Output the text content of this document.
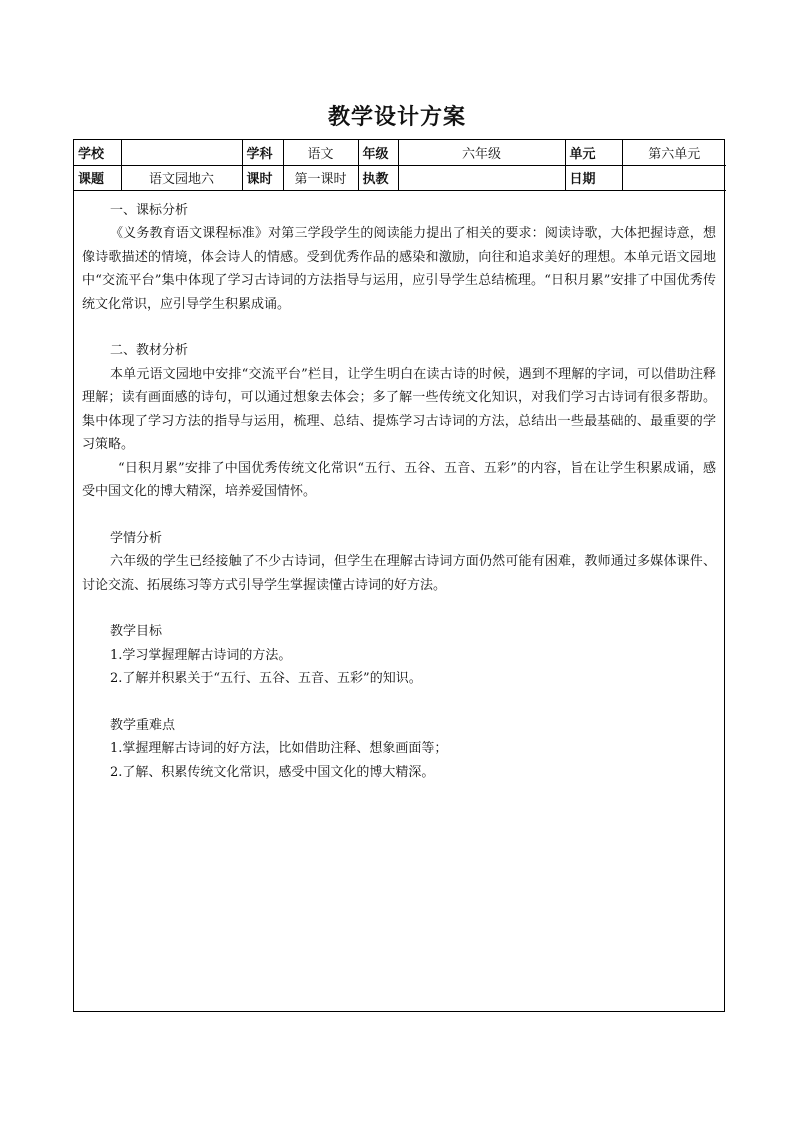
教学设计方案
学校		学科	语文	年级	六年级	单元	第六单元
课题	语文园地六	课时	第一课时	执教		日期	
一、课标分析

《义务教育语文课程标准》对第三学段学生的阅读能力提出了相关的要求：阅读诗歌，大体把握诗意，想像诗歌描述的情境，体会诗人的情感。受到优秀作品的感染和激励，向往和追求美好的理想。本单元语文园地中“交流平台”集中体现了学习古诗词的方法指导与运用，应引导学生总结梳理。“日积月累”安排了中国优秀传统文化常识，应引导学生积累成诵。

二、教材分析

本单元语文园地中安排“交流平台”栏目，让学生明白在读古诗的时候，遇到不理解的字词，可以借助注释理解；读有画面感的诗句，可以通过想象去体会；多了解一些传统文化知识，对我们学习古诗词有很多帮助。集中体现了学习方法的指导与运用，梳理、总结、提炼学习古诗词的方法，总结出一些最基础的、最重要的学习策略。

“日积月累”安排了中国优秀传统文化常识“五行、五谷、五音、五彩”的内容，旨在让学生积累成诵，感受中国文化的博大精深，培养爱国情怀。

学情分析

六年级的学生已经接触了不少古诗词，但学生在理解古诗词方面仍然可能有困难，教师通过多媒体课件、讨论交流、拓展练习等方式引导学生掌握读懂古诗词的好方法。

教学目标

1.学习掌握理解古诗词的方法。

2.了解并积累关于“五行、五谷、五音、五彩”的知识。

教学重难点

1.掌握理解古诗词的好方法，比如借助注释、想象画面等；

2.了解、积累传统文化常识，感受中国文化的博大精深。
